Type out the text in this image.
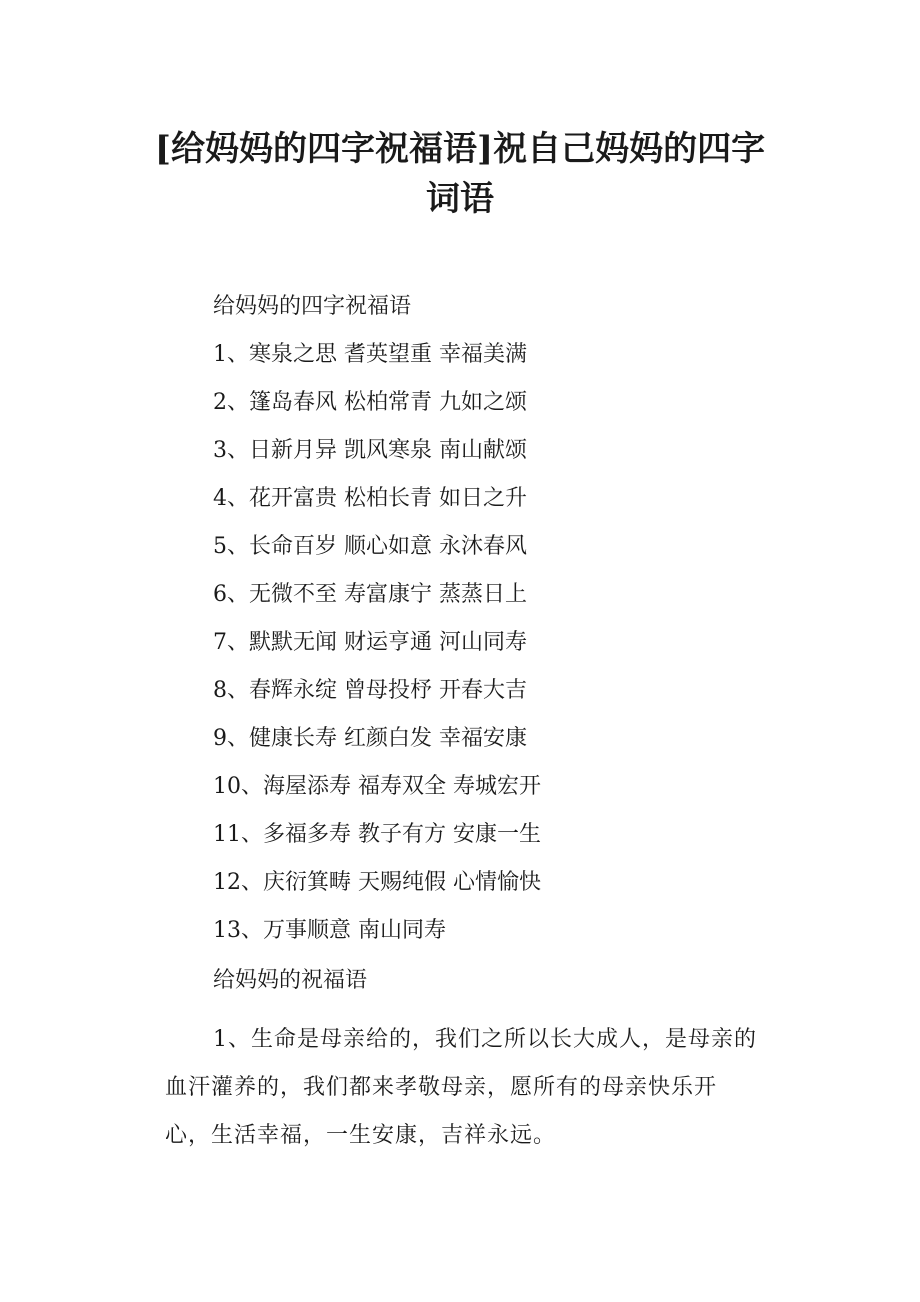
[给妈妈的四字祝福语]祝自己妈妈的四字词语
给妈妈的四字祝福语
1、寒泉之思 耆英望重 幸福美满
2、篷岛春风 松柏常青 九如之颂
3、日新月异 凯风寒泉 南山献颂
4、花开富贵 松柏长青 如日之升
5、长命百岁 顺心如意 永沐春风
6、无微不至 寿富康宁 蒸蒸日上
7、默默无闻 财运亨通 河山同寿
8、春辉永绽 曾母投杼 开春大吉
9、健康长寿 红颜白发 幸福安康
10、海屋添寿 福寿双全 寿城宏开
11、多福多寿 教子有方 安康一生
12、庆衍箕畴 天赐纯假 心情愉快
13、万事顺意 南山同寿
给妈妈的祝福语

1、生命是母亲给的，我们之所以长大成人，是母亲的血汗灌养的，我们都来孝敬母亲，愿所有的母亲快乐开心，生活幸福，一生安康，吉祥永远。
